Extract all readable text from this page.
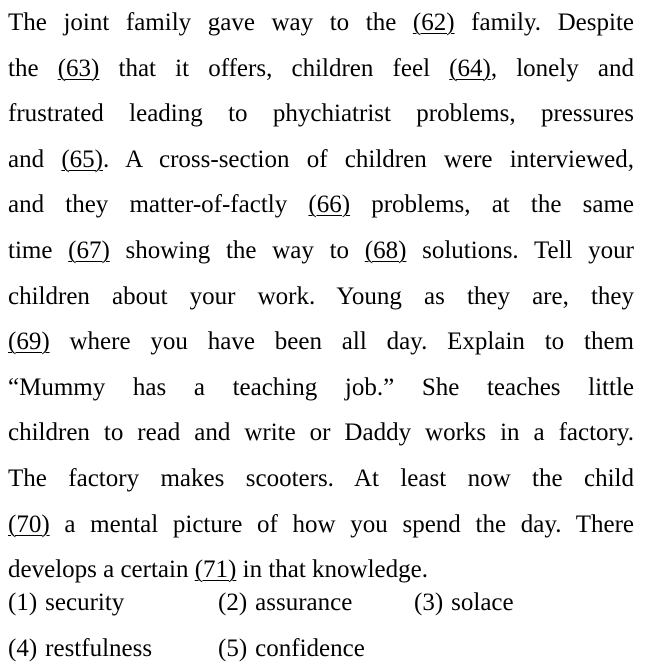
The joint family gave way to the (62) family. Despite
the (63) that it offers, children feel (64), lonely and
frustrated leading to phychiatrist problems, pressures
and (65). A cross-section of children were interviewed,
and they matter-of-factly (66) problems, at the same
time (67) showing the way to (68) solutions. Tell your
children about your work. Young as they are, they
(69) where you have been all day. Explain to them
“Mummy has a teaching job.” She teaches little
children to read and write or Daddy works in a factory.
The factory makes scooters. At least now the child
(70) a mental picture of how you spend the day. There
develops a certain (71) in that knowledge.
(1) security	(2) assurance (3) solace
(4) restfulness	(5) confidence
